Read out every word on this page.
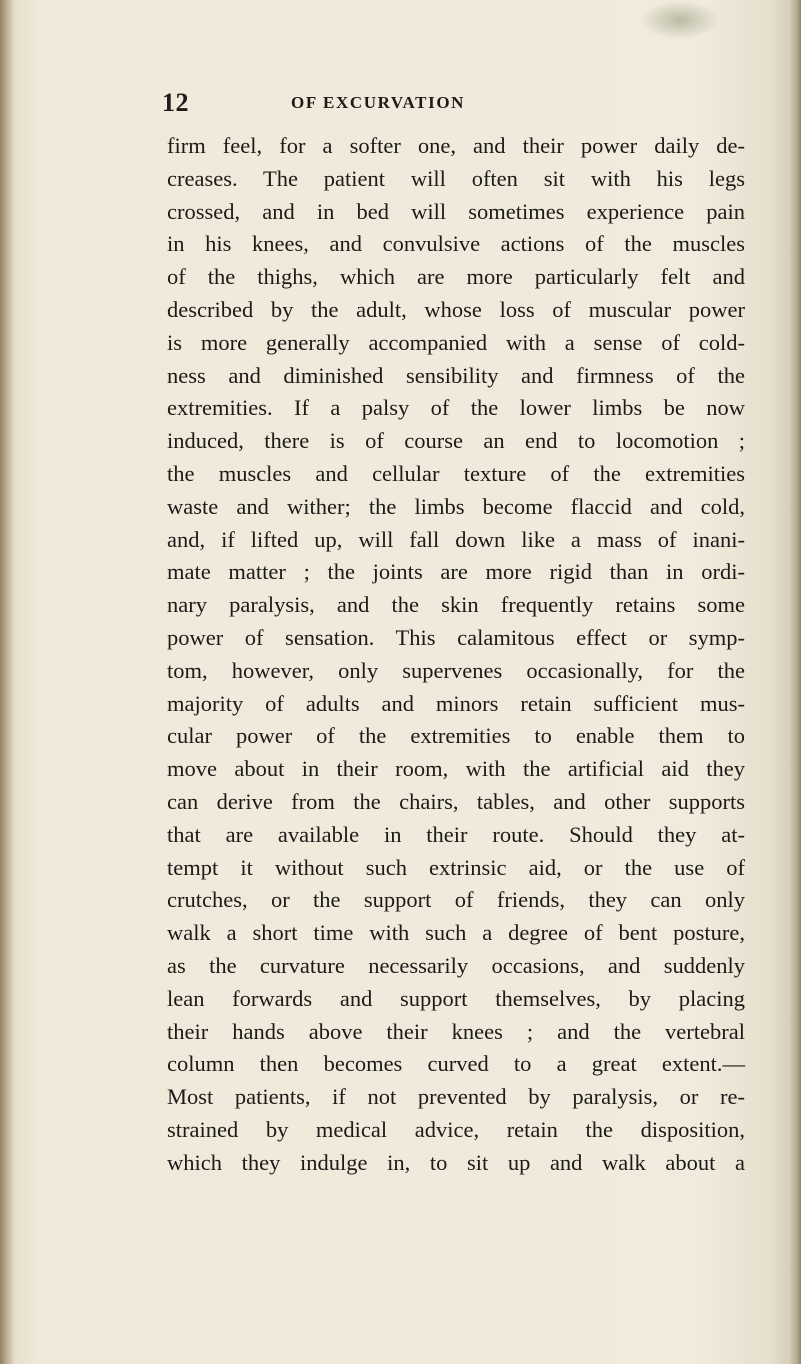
12	OF EXCURVATION
firm feel, for a softer one, and their power daily de-
creases. The patient will often sit with his legs
crossed, and in bed will sometimes experience pain
in his knees, and convulsive actions of the muscles
of the thighs, which are more particularly felt and
described by the adult, whose loss of muscular power
is more generally accompanied with a sense of cold-
ness and diminished sensibility and firmness of the
extremities. If a palsy of the lower limbs be now
induced, there is of course an end to locomotion ;
the muscles and cellular texture of the extremities
waste and wither; the limbs become flaccid and cold,
and, if lifted up, will fall down like a mass of inani-
mate matter ; the joints are more rigid than in ordi-
nary paralysis, and the skin frequently retains some
power of sensation. This calamitous effect or symp-
tom, however, only supervenes occasionally, for the
majority of adults and minors retain sufficient mus-
cular power of the extremities to enable them to
move about in their room, with the artificial aid they
can derive from the chairs, tables, and other supports
that are available in their route. Should they at-
tempt it without such extrinsic aid, or the use of
crutches, or the support of friends, they can only
walk a short time with such a degree of bent posture,
as the curvature necessarily occasions, and suddenly
lean forwards and support themselves, by placing
their hands above their knees ; and the vertebral
column then becomes curved to a great extent.—
Most patients, if not prevented by paralysis, or re-
strained by medical advice, retain the disposition,
which they indulge in, to sit up and walk about a
